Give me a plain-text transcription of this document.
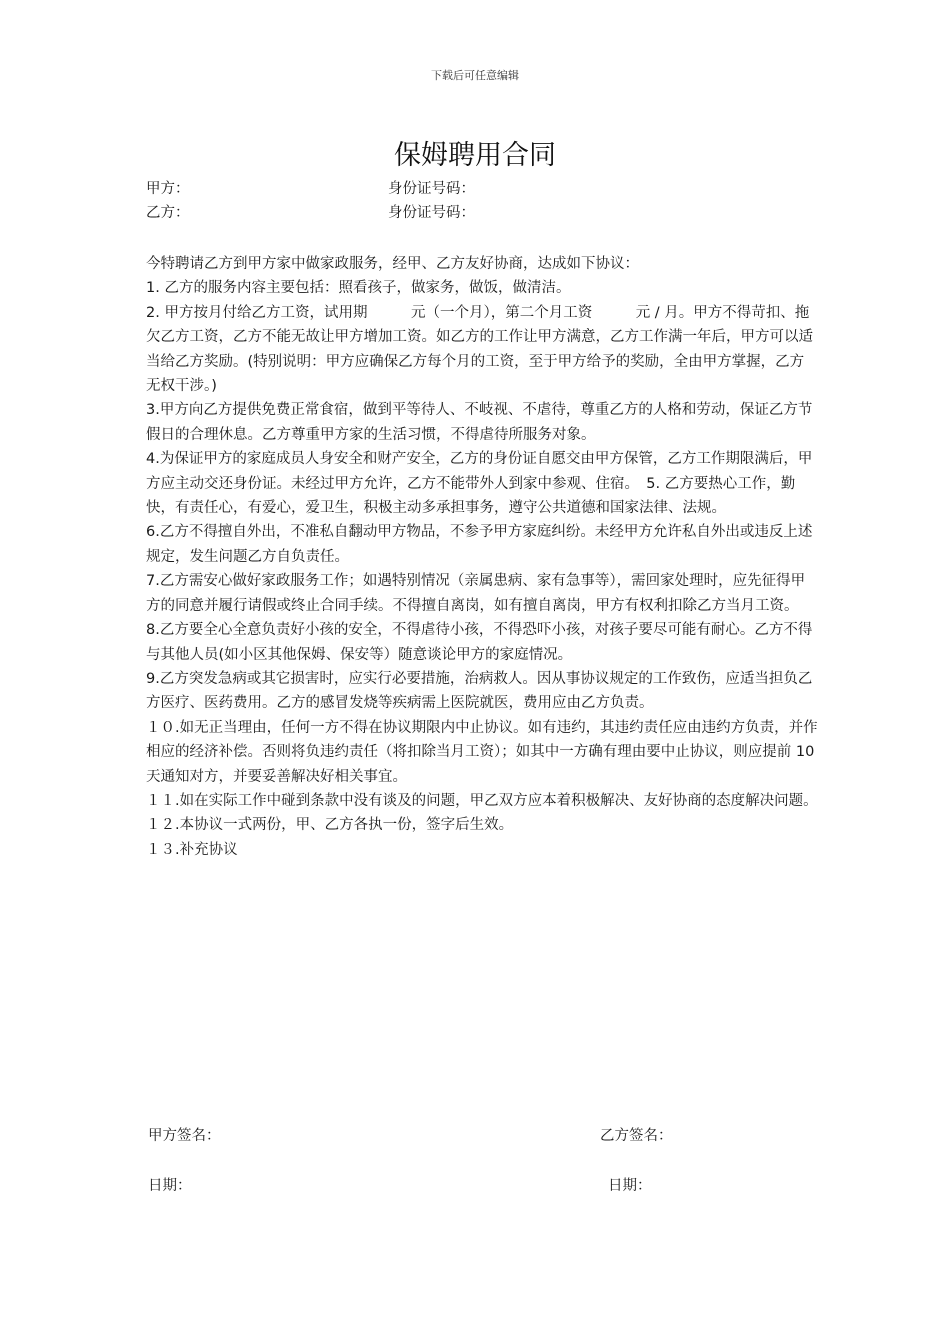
下载后可任意编辑
保姆聘用合同
甲方：	身份证号码：
乙方：	身份证号码：

今特聘请乙方到甲方家中做家政服务，经甲、乙方友好协商，达成如下协议：

1. 乙方的服务内容主要包括：照看孩子，做家务，做饭，做清洁。

2. 甲方按月付给乙方工资，试用期　　　元（一个月），第二个月工资　　　元 / 月。甲方不得苛扣、拖欠乙方工资，乙方不能无故让甲方增加工资。如乙方的工作让甲方满意，乙方工作满一年后，甲方可以适当给乙方奖励。(特别说明：甲方应确保乙方每个月的工资，至于甲方给予的奖励，全由甲方掌握，乙方无权干涉。)

3.甲方向乙方提供免费正常食宿，做到平等待人、不岐视、不虐待，尊重乙方的人格和劳动，保证乙方节假日的合理休息。乙方尊重甲方家的生活习惯，不得虐待所服务对象。

4.为保证甲方的家庭成员人身安全和财产安全，乙方的身份证自愿交由甲方保管，乙方工作期限满后，甲方应主动交还身份证。未经过甲方允许，乙方不能带外人到家中参观、住宿。　5. 乙方要热心工作，勤快，有责任心，有爱心，爱卫生，积极主动多承担事务，遵守公共道德和国家法律、法规。

6.乙方不得擅自外出，不准私自翻动甲方物品，不参予甲方家庭纠纷。未经甲方允许私自外出或违反上述规定，发生问题乙方自负责任。

7.乙方需安心做好家政服务工作；如遇特别情况（亲属患病、家有急事等），需回家处理时，应先征得甲方的同意并履行请假或终止合同手续。不得擅自离岗，如有擅自离岗，甲方有权利扣除乙方当月工资。

8.乙方要全心全意负责好小孩的安全，不得虐待小孩，不得恐吓小孩，对孩子要尽可能有耐心。乙方不得与其他人员(如小区其他保姆、保安等）随意谈论甲方的家庭情况。

9.乙方突发急病或其它损害时，应实行必要措施，治病救人。因从事协议规定的工作致伤，应适当担负乙方医疗、医药费用。乙方的感冒发烧等疾病需上医院就医，费用应由乙方负责。

１０.如无正当理由，任何一方不得在协议期限内中止协议。如有违约，其违约责任应由违约方负责，并作相应的经济补偿。否则将负违约责任（将扣除当月工资）；如其中一方确有理由要中止协议，则应提前 10 天通知对方，并要妥善解决好相关事宜。

１１.如在实际工作中碰到条款中没有谈及的问题，甲乙双方应本着积极解决、友好协商的态度解决问题。

１２.本协议一式两份，甲、乙方各执一份，签字后生效。

１３.补充协议

甲方签名：	乙方签名：
日期：	日期：
